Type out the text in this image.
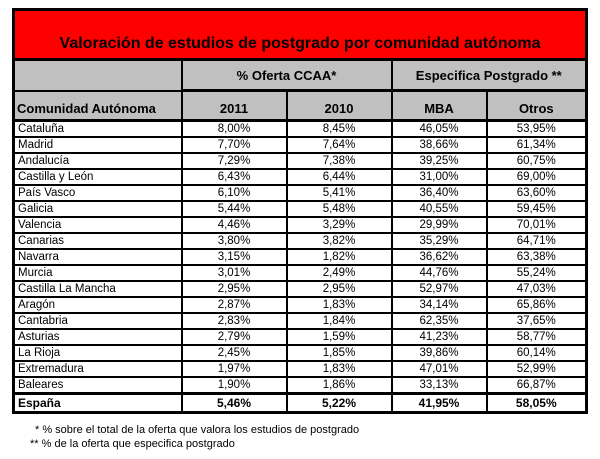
Valoración de estudios de postgrado por comunidad autónoma				
	% Oferta CCAA*		Especifica Postgrado **	
Comunidad Autónoma	2011	2010	MBA	Otros
Cataluña	8,00%	8,45%	46,05%	53,95%
Madrid	7,70%	7,64%	38,66%	61,34%
Andalucía	7,29%	7,38%	39,25%	60,75%
Castilla y León	6,43%	6,44%	31,00%	69,00%
País Vasco	6,10%	5,41%	36,40%	63,60%
Galicia	5,44%	5,48%	40,55%	59,45%
Valencia	4,46%	3,29%	29,99%	70,01%
Canarias	3,80%	3,82%	35,29%	64,71%
Navarra	3,15%	1,82%	36,62%	63,38%
Murcia	3,01%	2,49%	44,76%	55,24%
Castilla La Mancha	2,95%	2,95%	52,97%	47,03%
Aragón	2,87%	1,83%	34,14%	65,86%
Cantabria	2,83%	1,84%	62,35%	37,65%
Asturias	2,79%	1,59%	41,23%	58,77%
La Rioja	2,45%	1,85%	39,86%	60,14%
Extremadura	1,97%	1,83%	47,01%	52,99%
Baleares	1,90%	1,86%	33,13%	66,87%
España	5,46%	5,22%	41,95%	58,05%
* % sobre el total de la oferta que valora los estudios de postgrado
** % de la oferta que especifica postgrado
